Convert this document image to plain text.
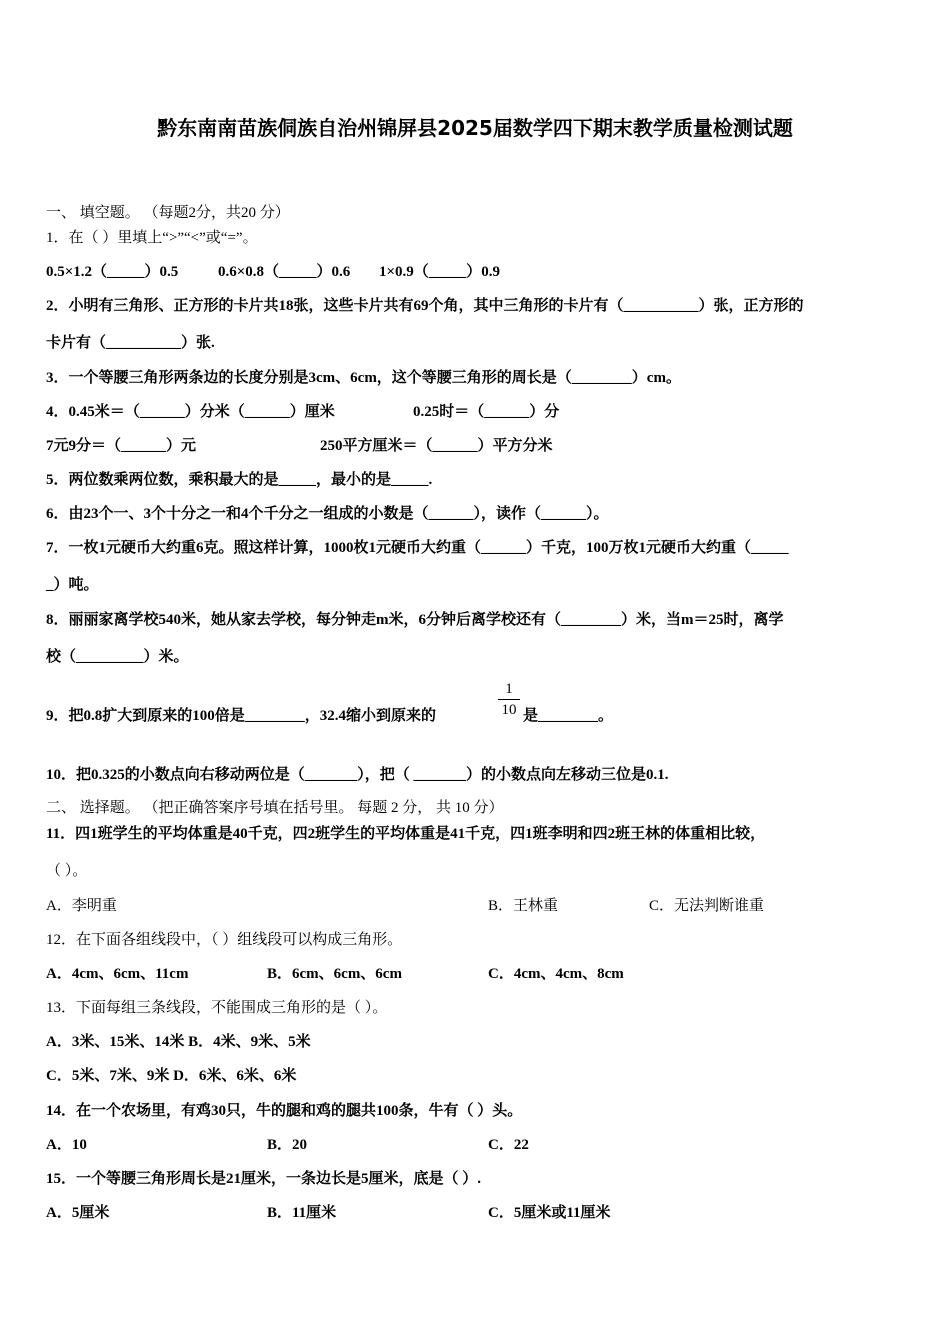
黔东南南苗族侗族自治州锦屏县2025届数学四下期末教学质量检测试题
一、 填空题。 （每题2分，共20 分）
1．在（ ）里填上“>”“<”或“=”。
0.5×1.2（_____）0.5	0.6×0.8（_____）0.6 1×0.9（_____）0.9
2．小明有三角形、正方形的卡片共18张，这些卡片共有69个角，其中三角形的卡片有（__________）张，正方形的
卡片有（__________）张.
3．一个等腰三角形两条边的长度分别是3cm、6cm，这个等腰三角形的周长是（________）cm。
4．0.45米＝（______）分米（______）厘米	0.25时＝（______）分
7元9分＝（______）元	250平方厘米＝（______）平方分米
5．两位数乘两位数，乘积最大的是_____，最小的是_____.
6．由23个一、3个十分之一和4个千分之一组成的小数是（______），读作（______）。
7．一枚1元硬币大约重6克。照这样计算，1000枚1元硬币大约重（______）千克，100万枚1元硬币大约重（_____
_）吨。
8．丽丽家离学校540米，她从家去学校，每分钟走m米，6分钟后离学校还有（________）米，当m＝25时，离学
校（_________）米。
9．把0.8扩大到原来的100倍是________，32.4缩小到原来的
1
10 是________。
10．把0.325的小数点向右移动两位是（_______），把（ _______）的小数点向左移动三位是0.1.
二、 选择题。 （把正确答案序号填在括号里。 每题 2 分， 共 10 分）
11．四1班学生的平均体重是40千克，四2班学生的平均体重是41千克，四1班李明和四2班王林的体重相比较，
（ ）。
A．李明重	B．王林重	C．无法判断谁重
12．在下面各组线段中，（ ）组线段可以构成三角形。
A．4cm、6cm、11cm	B．6cm、6cm、6cm	C．4cm、4cm、8cm
13．下面每组三条线段，不能围成三角形的是（ ）。
A．3米、15米、14米 B．4米、9米、5米
C．5米、7米、9米 D．6米、6米、6米
14．在一个农场里，有鸡30只，牛的腿和鸡的腿共100条，牛有（ ）头。
A．10	B．20	C．22
15．一个等腰三角形周长是21厘米，一条边长是5厘米，底是（ ）.
A．5厘米	B．11厘米	C．5厘米或11厘米
